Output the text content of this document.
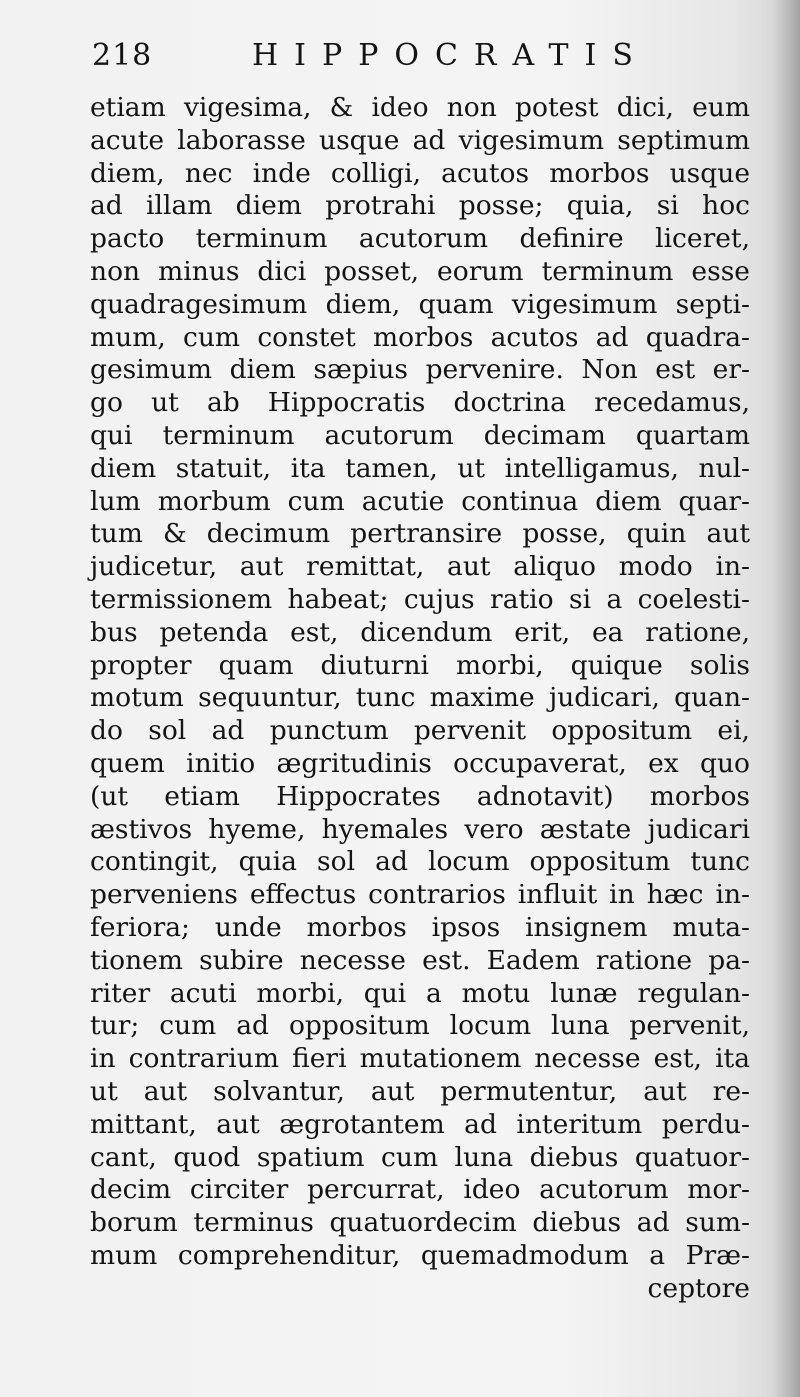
218	HIPPOCRATIS
etiam vigesima, & ideo non potest dici, eum
acute laborasse usque ad vigesimum septimum
diem, nec inde colligi, acutos morbos usque
ad illam diem protrahi posse; quia, si hoc
pacto terminum acutorum definire liceret,
non minus dici posset, eorum terminum esse
quadragesimum diem, quam vigesimum septi-
mum, cum constet morbos acutos ad quadra-
gesimum diem sæpius pervenire. Non est er-
go ut ab Hippocratis doctrina recedamus,
qui terminum acutorum decimam quartam
diem statuit, ita tamen, ut intelligamus, nul-
lum morbum cum acutie continua diem quar-
tum & decimum pertransire posse, quin aut
judicetur, aut remittat, aut aliquo modo in-
termissionem habeat; cujus ratio si a coelesti-
bus petenda est, dicendum erit, ea ratione,
propter quam diuturni morbi, quique solis
motum sequuntur, tunc maxime judicari, quan-
do sol ad punctum pervenit oppositum ei,
quem initio ægritudinis occupaverat, ex quo
(ut etiam Hippocrates adnotavit) morbos
æstivos hyeme, hyemales vero æstate judicari
contingit, quia sol ad locum oppositum tunc
perveniens effectus contrarios influit in hæc in-
feriora; unde morbos ipsos insignem muta-
tionem subire necesse est. Eadem ratione pa-
riter acuti morbi, qui a motu lunæ regulan-
tur; cum ad oppositum locum luna pervenit,
in contrarium fieri mutationem necesse est, ita
ut aut solvantur, aut permutentur, aut re-
mittant, aut ægrotantem ad interitum perdu-
cant, quod spatium cum luna diebus quatuor-
decim circiter percurrat, ideo acutorum mor-
borum terminus quatuordecim diebus ad sum-
mum comprehenditur, quemadmodum a Præ-
ceptore
